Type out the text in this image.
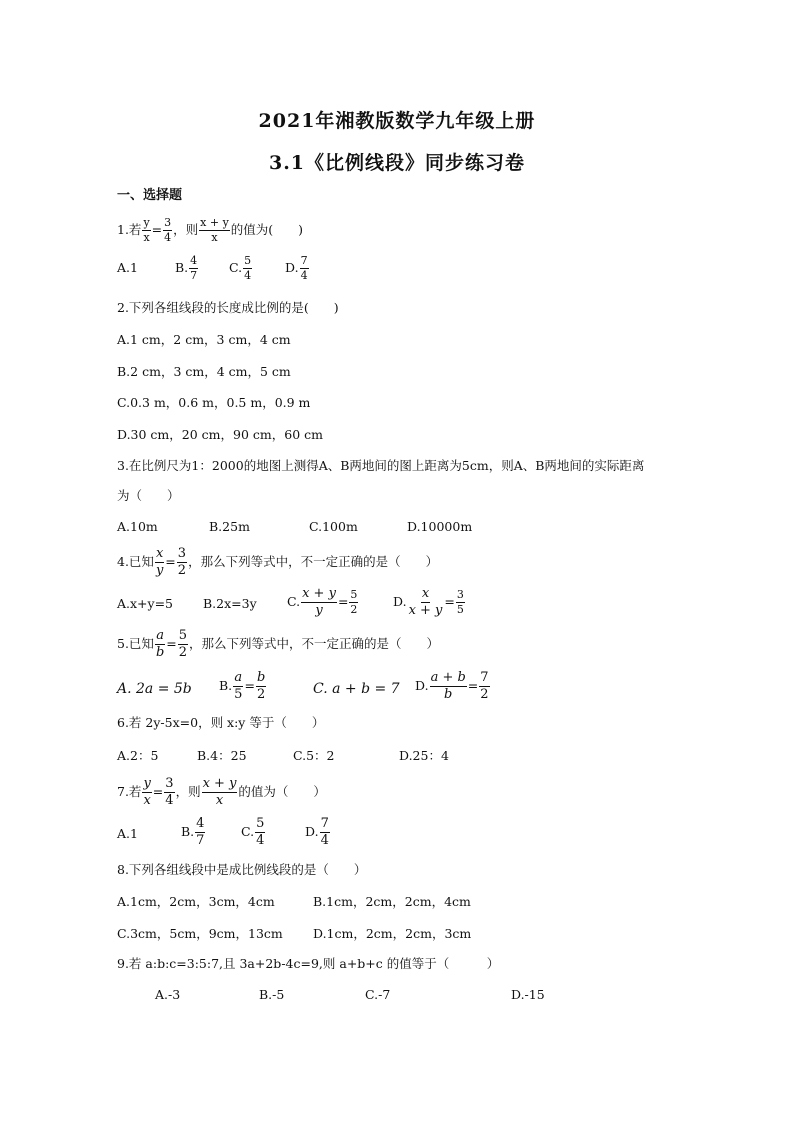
2021年湘教版数学九年级上册
3.1《比例线段》同步练习卷
一、选择题
1.若 $\frac{y}{x} = \frac{3}{4}$ ，则 $\frac{x + y}{x}$ 的值为(　　)
A.1	B. $\frac{4}{7} C$. $\frac{5}{4}$	D. $\frac{7}{4}$
2.下列各组线段的长度成比例的是(　　)
A.1 cm，2 cm，3 cm，4 cm
B.2 cm，3 cm，4 cm，5 cm
C.0.3 m，0.6 m，0.5 m，0.9 m
D.30 cm，20 cm，90 cm，60 cm
3.在比例尺为1：2000的地图上测得A、B两地间的图上距离为5cm，则A、B两地间的实际距离
为（　　）
A.10m	B.25m	C.100m	D.10000m
4.已知 $\frac{x}{y} = \frac{3}{2}$ ，那么下列等式中，不一定正确的是（　　）
A.x+y=5 B.2x=3y C. $\frac{x + y}{y} = \frac{5}{2}$	D. $\frac{x}{x + y} = \frac{3}{5}$
5.已知 $\frac{a}{b} = \frac{5}{2}$ ，那么下列等式中，不一定正确的是（　　）
A. 2a = 5b B. $\frac{a}{5} = \frac{b}{2}$	C. a + b = 7 D. $\frac{a + b}{b} = \frac{7}{2}$
6.若 2y-5x=0，则 x:y 等于（　　）
A.2：5	B.4：25	C.5：2	D.25：4
7.若 $\frac{y}{x} = \frac{3}{4}$ ，则 $\frac{x + y}{x}$ 的值为（　　）
A.1	B. $\frac{4}{7}$	C. $\frac{5}{4}$	D. $\frac{7}{4}$
8.下列各组线段中是成比例线段的是（　　）
A.1cm，2cm，3cm，4cm	B.1cm，2cm，2cm，4cm
C.3cm，5cm，9cm，13cm D.1cm，2cm，2cm，3cm
9.若 a:b:c=3:5:7,且 3a+2b-4c=9,则 a+b+c 的值等于（　　　）
A.-3	B.-5	C.-7	D.-15
